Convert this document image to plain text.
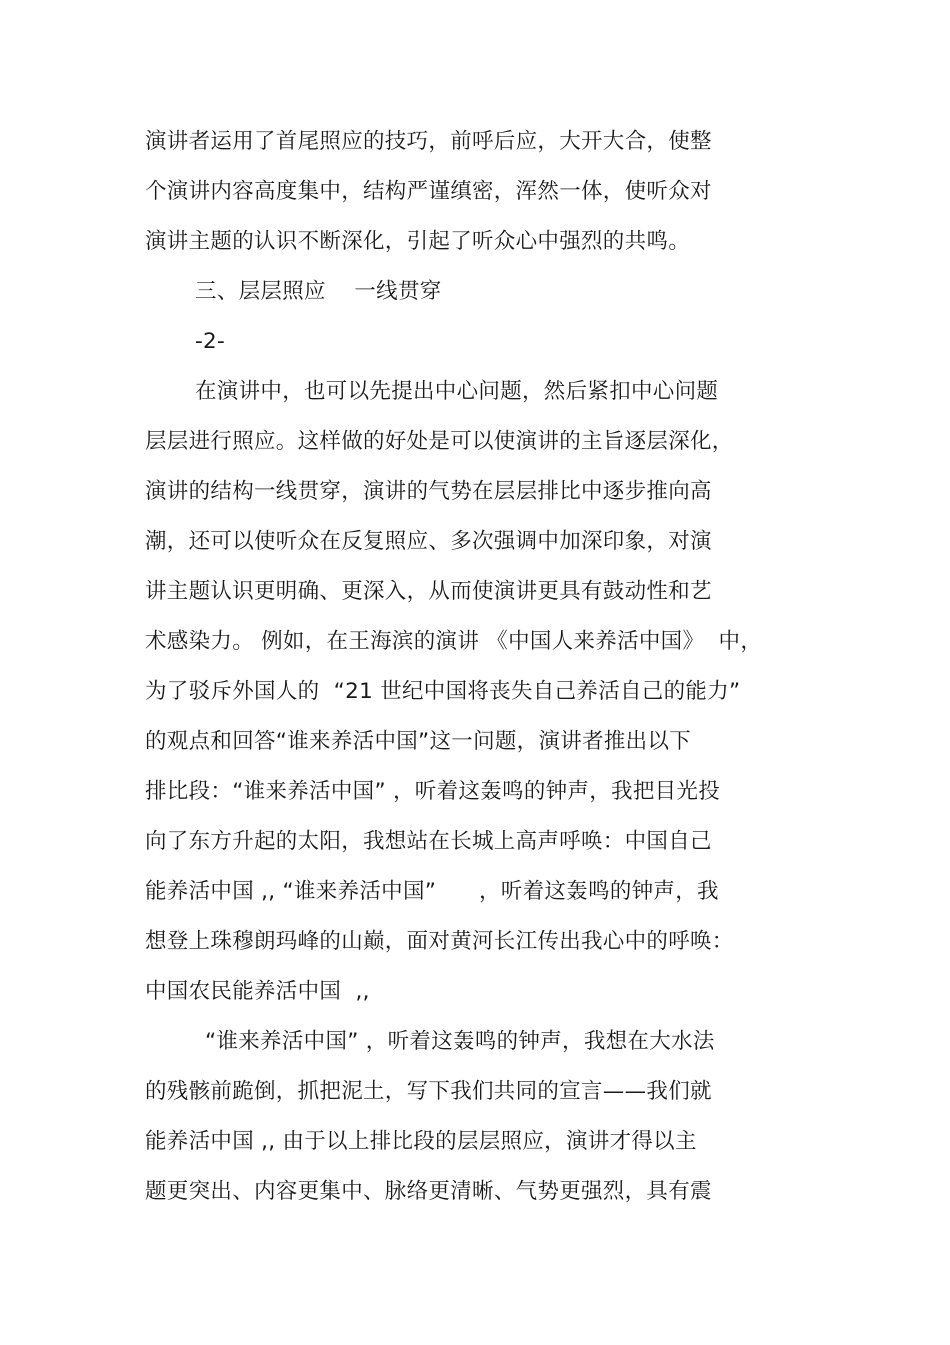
演讲者运用了首尾照应的技巧，前呼后应，大开大合，使整
个演讲内容高度集中，结构严谨缜密，浑然一体，使听众对
演讲主题的认识不断深化，引起了听众心中强烈的共鸣。
三、层层照应    一线贯穿
-2-
在演讲中，也可以先提出中心问题，然后紧扣中心问题
层层进行照应。这样做的好处是可以使演讲的主旨逐层深化，
演讲的结构一线贯穿，演讲的气势在层层排比中逐步推向高
潮，还可以使听众在反复照应、多次强调中加深印象，对演
讲主题认识更明确、更深入，从而使演讲更具有鼓动性和艺
术感染力。 例如，在王海滨的演讲 《中国人来养活中国》  中，
为了驳斥外国人的  “21 世纪中国将丧失自己养活自己的能力”
的观点和回答“谁来养活中国”这一问题，演讲者推出以下
排比段：“谁来养活中国” ，听着这轰鸣的钟声，我把目光投
向了东方升起的太阳，我想站在长城上高声呼唤：中国自己
能养活中国 ,, “谁来养活中国”      ，听着这轰鸣的钟声，我
想登上珠穆朗玛峰的山巅，面对黄河长江传出我心中的呼唤：
中国农民能养活中国  ,,
“谁来养活中国” ，听着这轰鸣的钟声，我想在大水法
的残骸前跪倒，抓把泥土，写下我们共同的宣言——我们就
能养活中国 ,, 由于以上排比段的层层照应，演讲才得以主
题更突出、内容更集中、脉络更清晰、气势更强烈，具有震
